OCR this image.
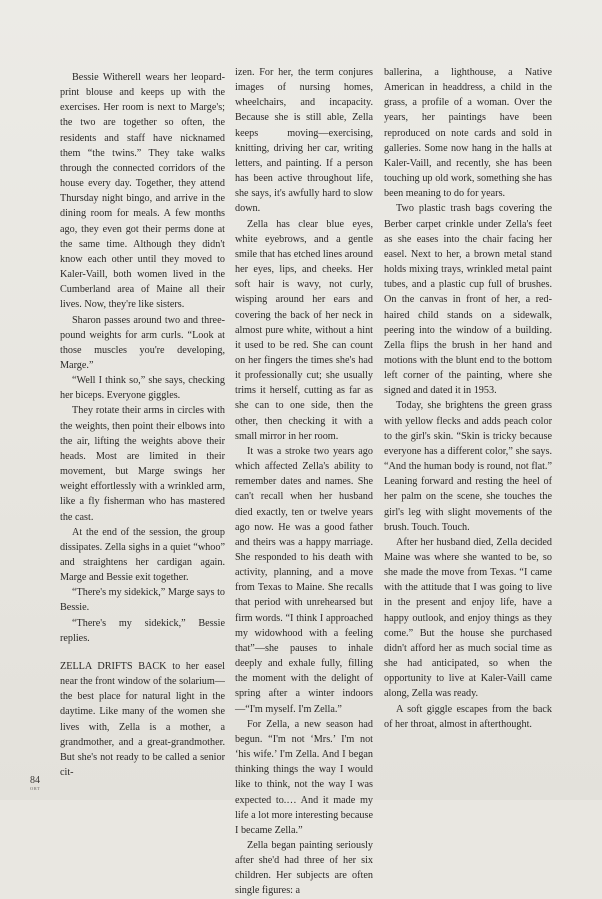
Bessie Witherell wears her leopard-print blouse and keeps up with the exercises. Her room is next to Marge's; the two are together so often, the residents and staff have nicknamed them “the twins.” They take walks through the connected corridors of the house every day. Together, they attend Thursday night bingo, and arrive in the dining room for meals. A few months ago, they even got their perms done at the same time. Although they didn't know each other until they moved to Kaler-Vaill, both women lived in the Cumberland area of Maine all their lives. Now, they're like sisters.

Sharon passes around two and three-pound weights for arm curls. “Look at those muscles you're developing, Marge.”

“Well I think so,” she says, checking her biceps. Everyone giggles.

They rotate their arms in circles with the weights, then point their elbows into the air, lifting the weights above their heads. Most are limited in their movement, but Marge swings her weight effortlessly with a wrinkled arm, like a fly fisherman who has mastered the cast.

At the end of the session, the group dissipates. Zella sighs in a quiet “whoo” and straightens her cardigan again. Marge and Bessie exit together.

“There's my sidekick,” Marge says to Bessie.

“There's my sidekick,” Bessie replies.

ZELLA DRIFTS BACK to her easel near the front window of the solarium—the best place for natural light in the daytime. Like many of the women she lives with, Zella is a mother, a grandmother, and a great-grandmother. But she's not ready to be called a senior cit-

izen. For her, the term conjures images of nursing homes, wheelchairs, and incapacity. Because she is still able, Zella keeps moving—exercising, knitting, driving her car, writing letters, and painting. If a person has been active throughout life, she says, it's awfully hard to slow down.

Zella has clear blue eyes, white eyebrows, and a gentle smile that has etched lines around her eyes, lips, and cheeks. Her soft hair is wavy, not curly, wisping around her ears and covering the back of her neck in almost pure white, without a hint it used to be red. She can count on her fingers the times she's had it professionally cut; she usually trims it herself, cutting as far as she can to one side, then the other, then checking it with a small mirror in her room.

It was a stroke two years ago which affected Zella's ability to remember dates and names. She can't recall when her husband died exactly, ten or twelve years ago now. He was a good father and theirs was a happy marriage. She responded to his death with activity, planning, and a move from Texas to Maine. She recalls that period with unrehearsed but firm words. “I think I approached my widowhood with a feeling that”—she pauses to inhale deeply and exhale fully, filling the moment with the delight of spring after a winter indoors—“I'm myself. I'm Zella.”

For Zella, a new season had begun. “I'm not ‘Mrs.’ I'm not ‘his wife.’ I'm Zella. And I began thinking things the way I would like to think, not the way I was expected to.… And it made my life a lot more interesting because I became Zella.”

Zella began painting seriously after she'd had three of her six children. Her subjects are often single figures: a

ballerina, a lighthouse, a Native American in headdress, a child in the grass, a profile of a woman. Over the years, her paintings have been reproduced on note cards and sold in galleries. Some now hang in the halls at Kaler-Vaill, and recently, she has been touching up old work, something she has been meaning to do for years.

Two plastic trash bags covering the Berber carpet crinkle under Zella's feet as she eases into the chair facing her easel. Next to her, a brown metal stand holds mixing trays, wrinkled metal paint tubes, and a plastic cup full of brushes. On the canvas in front of her, a red-haired child stands on a sidewalk, peering into the window of a building. Zella flips the brush in her hand and motions with the blunt end to the bottom left corner of the painting, where she signed and dated it in 1953.

Today, she brightens the green grass with yellow flecks and adds peach color to the girl's skin. “Skin is tricky because everyone has a different color,” she says. “And the human body is round, not flat.” Leaning forward and resting the heel of her palm on the scene, she touches the girl's leg with slight movements of the brush. Touch. Touch.

After her husband died, Zella decided Maine was where she wanted to be, so she made the move from Texas. “I came with the attitude that I was going to live in the present and enjoy life, have a happy outlook, and enjoy things as they come.” But the house she purchased didn't afford her as much social time as she had anticipated, so when the opportunity to live at Kaler-Vaill came along, Zella was ready.

A soft giggle escapes from the back of her throat, almost in afterthought.

84
ORT
